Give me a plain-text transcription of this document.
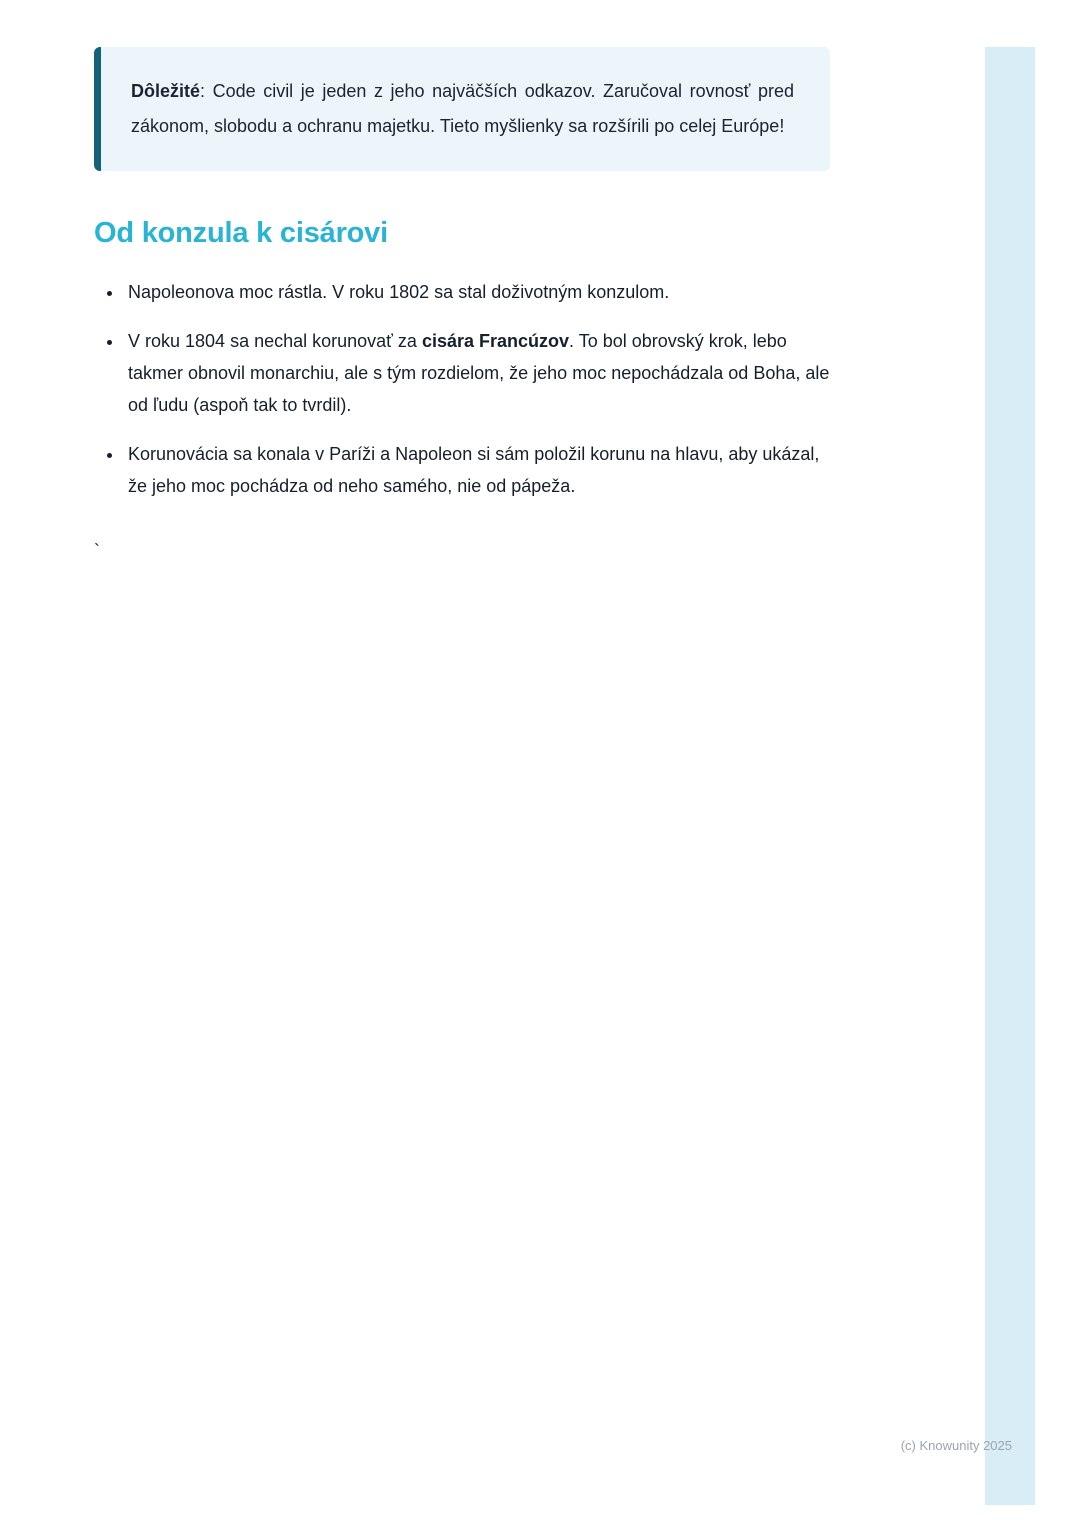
Dôležité: Code civil je jeden z jeho najväčších odkazov. Zaručoval rovnosť pred zákonom, slobodu a ochranu majetku. Tieto myšlienky sa rozšírili po celej Európe!

Od konzula k cisárovi
• Napoleonova moc rástla. V roku 1802 sa stal doživotným konzulom.
• V roku 1804 sa nechal korunovať za cisára Francúzov. To bol obrovský krok, lebo takmer obnovil monarchiu, ale s tým rozdielom, že jeho moc nepochádzala od Boha, ale od ľudu (aspoň tak to tvrdil).
• Korunovácia sa konala v Paríži a Napoleon si sám položil korunu na hlavu, aby ukázal, že jeho moc pochádza od neho samého, nie od pápeža.
`
(c) Knowunity 2025
